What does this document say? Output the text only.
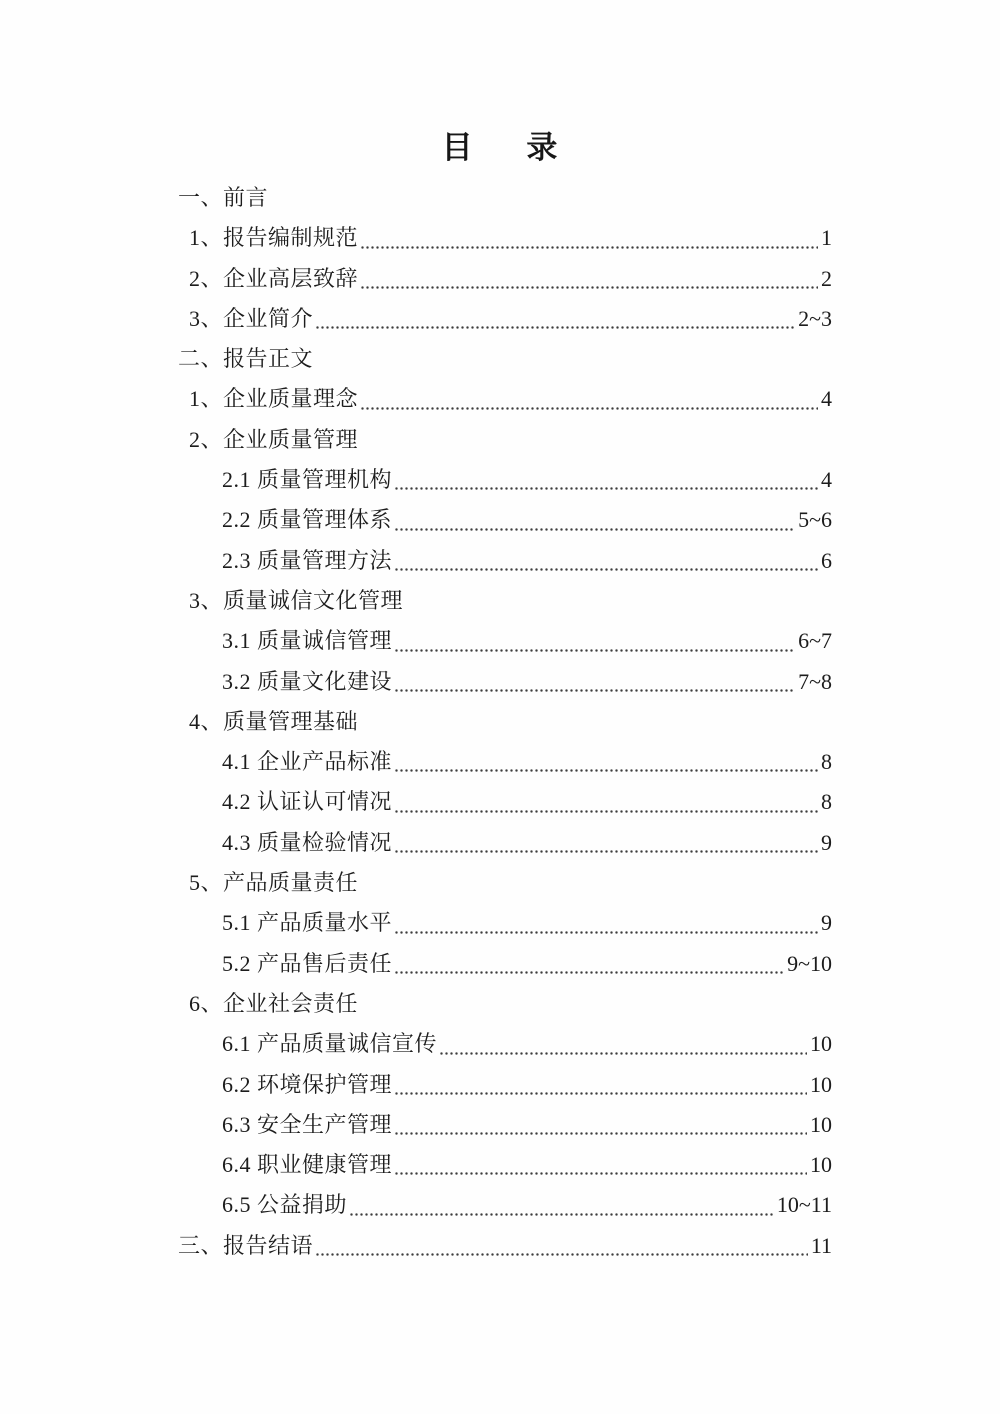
目 录
一、前言
1、报告编制规范	1
2、企业高层致辞	2
3、企业简介	2~3
二、报告正文
1、企业质量理念	4
2、企业质量管理
2.1 质量管理机构	4
2.2 质量管理体系	5~6
2.3 质量管理方法	6
3、质量诚信文化管理
3.1 质量诚信管理	6~7
3.2 质量文化建设	7~8
4、质量管理基础
4.1 企业产品标准	8
4.2 认证认可情况	8
4.3 质量检验情况	9
5、产品质量责任
5.1 产品质量水平	9
5.2 产品售后责任	9~10
6、企业社会责任
6.1 产品质量诚信宣传	10
6.2 环境保护管理	10
6.3 安全生产管理	10
6.4 职业健康管理	10
6.5 公益捐助	10~11
三、报告结语	11
